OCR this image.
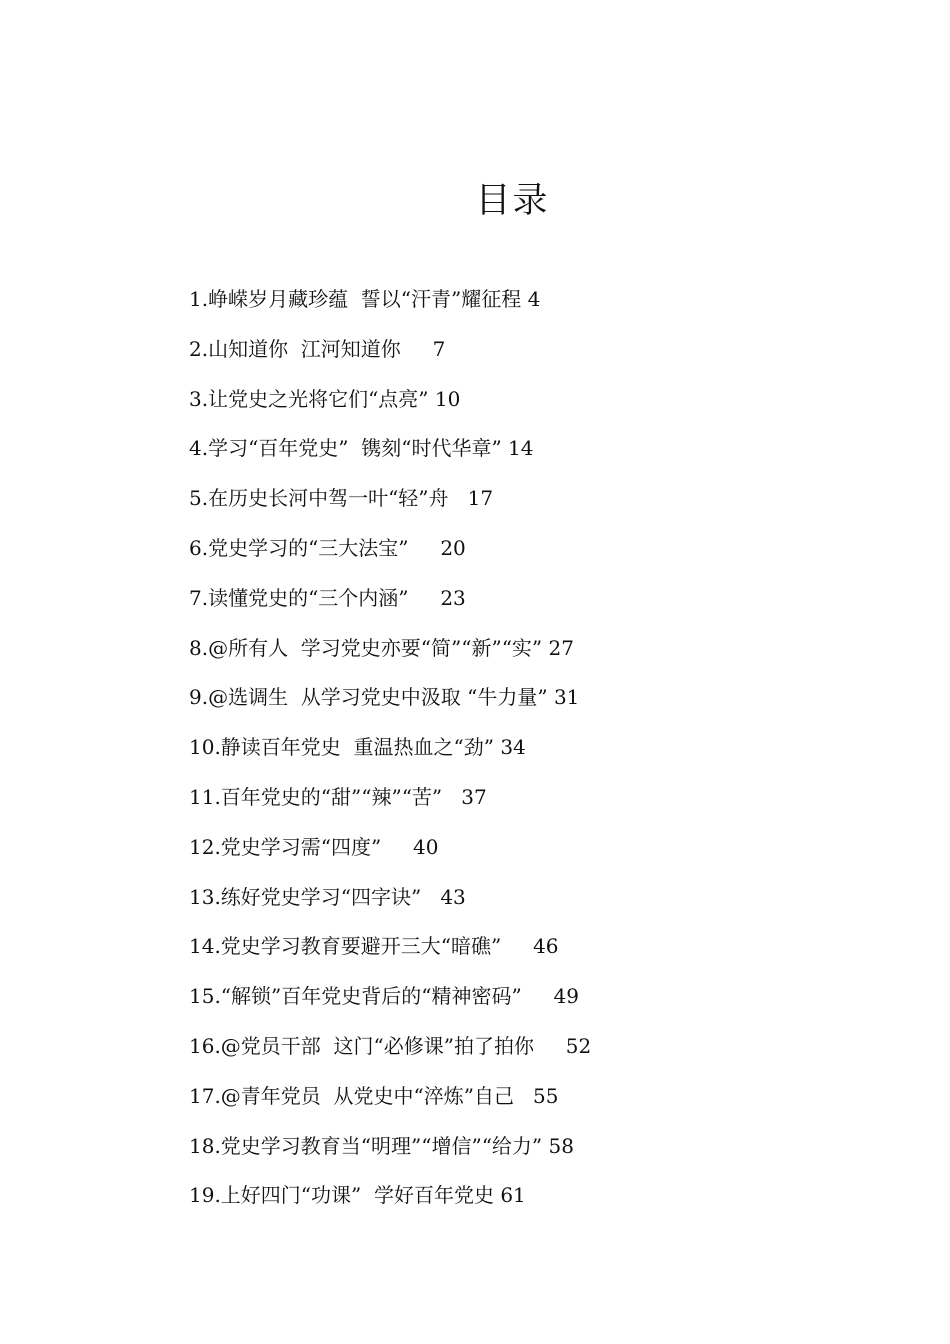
目录
1.峥嵘岁月藏珍蕴  誓以“汗青”耀征程 4
2.山知道你  江河知道你     7
3.让党史之光将它们“点亮” 10
4.学习“百年党史”  镌刻“时代华章” 14
5.在历史长河中驾一叶“轻”舟   17
6.党史学习的“三大法宝”     20
7.读懂党史的“三个内涵”     23
8.@所有人  学习党史亦要“简”“新”“实” 27
9.@选调生  从学习党史中汲取 “牛力量” 31
10.静读百年党史  重温热血之“劲” 34
11.百年党史的“甜”“辣”“苦”   37
12.党史学习需“四度”     40
13.练好党史学习“四字诀”   43
14.党史学习教育要避开三大“暗礁”     46
15.“解锁”百年党史背后的“精神密码”     49
16.@党员干部  这门“必修课”拍了拍你     52
17.@青年党员  从党史中“淬炼”自己   55
18.党史学习教育当“明理”“增信”“给力” 58
19.上好四门“功课”  学好百年党史 61
